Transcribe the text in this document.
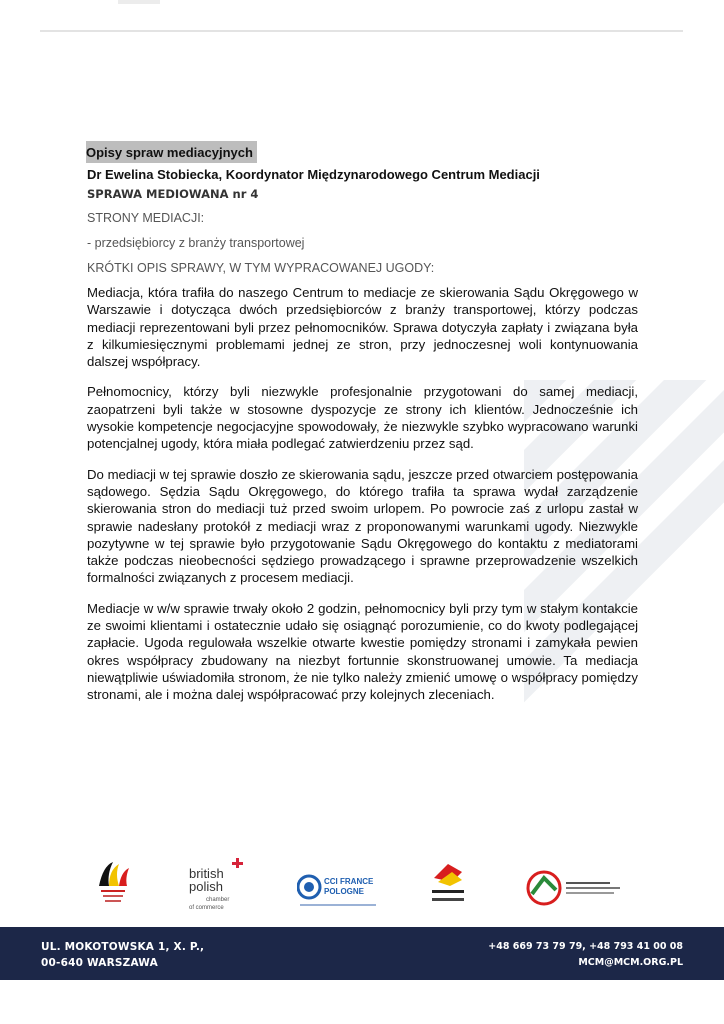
Opisy spraw mediacyjnych
Dr Ewelina Stobiecka, Koordynator Międzynarodowego Centrum Mediacji
SPRAWA MEDIOWANA nr 4
STRONY MEDIACJI:
- przedsiębiorcy z branży transportowej
KRÓTKI OPIS SPRAWY, W TYM WYPRACOWANEJ UGODY:

Mediacja, która trafiła do naszego Centrum to mediacje ze skierowania Sądu Okręgowego w Warszawie i dotycząca dwóch przedsiębiorców z branży transportowej, którzy podczas mediacji reprezentowani byli przez pełnomocników. Sprawa dotyczyła zapłaty i związana była z kilkumiesięcznymi problemami jednej ze stron, przy jednoczesnej woli kontynuowania dalszej współpracy.

Pełnomocnicy, którzy byli niezwykle profesjonalnie przygotowani do samej mediacji, zaopatrzeni byli także w stosowne dyspozycje ze strony ich klientów. Jednocześnie ich wysokie kompetencje negocjacyjne spowodowały, że niezwykle szybko wypracowano warunki potencjalnej ugody, która miała podlegać zatwierdzeniu przez sąd.

Do mediacji w tej sprawie doszło ze skierowania sądu, jeszcze przed otwarciem postępowania sądowego. Sędzia Sądu Okręgowego, do którego trafiła ta sprawa wydał zarządzenie skierowania stron do mediacji tuż przed swoim urlopem. Po powrocie zaś z urlopu zastał w sprawie nadesłany protokół z mediacji wraz z proponowanymi warunkami ugody. Niezwykle pozytywne w tej sprawie było przygotowanie Sądu Okręgowego do kontaktu z mediatorami także podczas nieobecności sędziego prowadzącego i sprawne przeprowadzenie wszelkich formalności związanych z procesem mediacji.

Mediacje w w/w sprawie trwały około 2 godzin, pełnomocnicy byli przy tym w stałym kontakcie ze swoimi klientami i ostatecznie udało się osiągnąć porozumienie, co do kwoty podlegającej zapłacie. Ugoda regulowała wszelkie otwarte kwestie pomiędzy stronami i zamykała pewien okres współpracy zbudowany na niezbyt fortunnie skonstruowanej umowie. Ta mediacja niewątpliwie uświadomiła stronom, że nie tylko należy zmienić umowę o współpracy pomiędzy stronami, ale i można dalej współpracować przy kolejnych zleceniach.

british
polish
chamber
of commerce
CCI FRANCE
POLOGNE
UL. MOKOTOWSKA 1, X. P.,
00-640 WARSZAWA
+48 669 73 79 79, +48 793 41 00 08
MCM@MCM.ORG.PL
